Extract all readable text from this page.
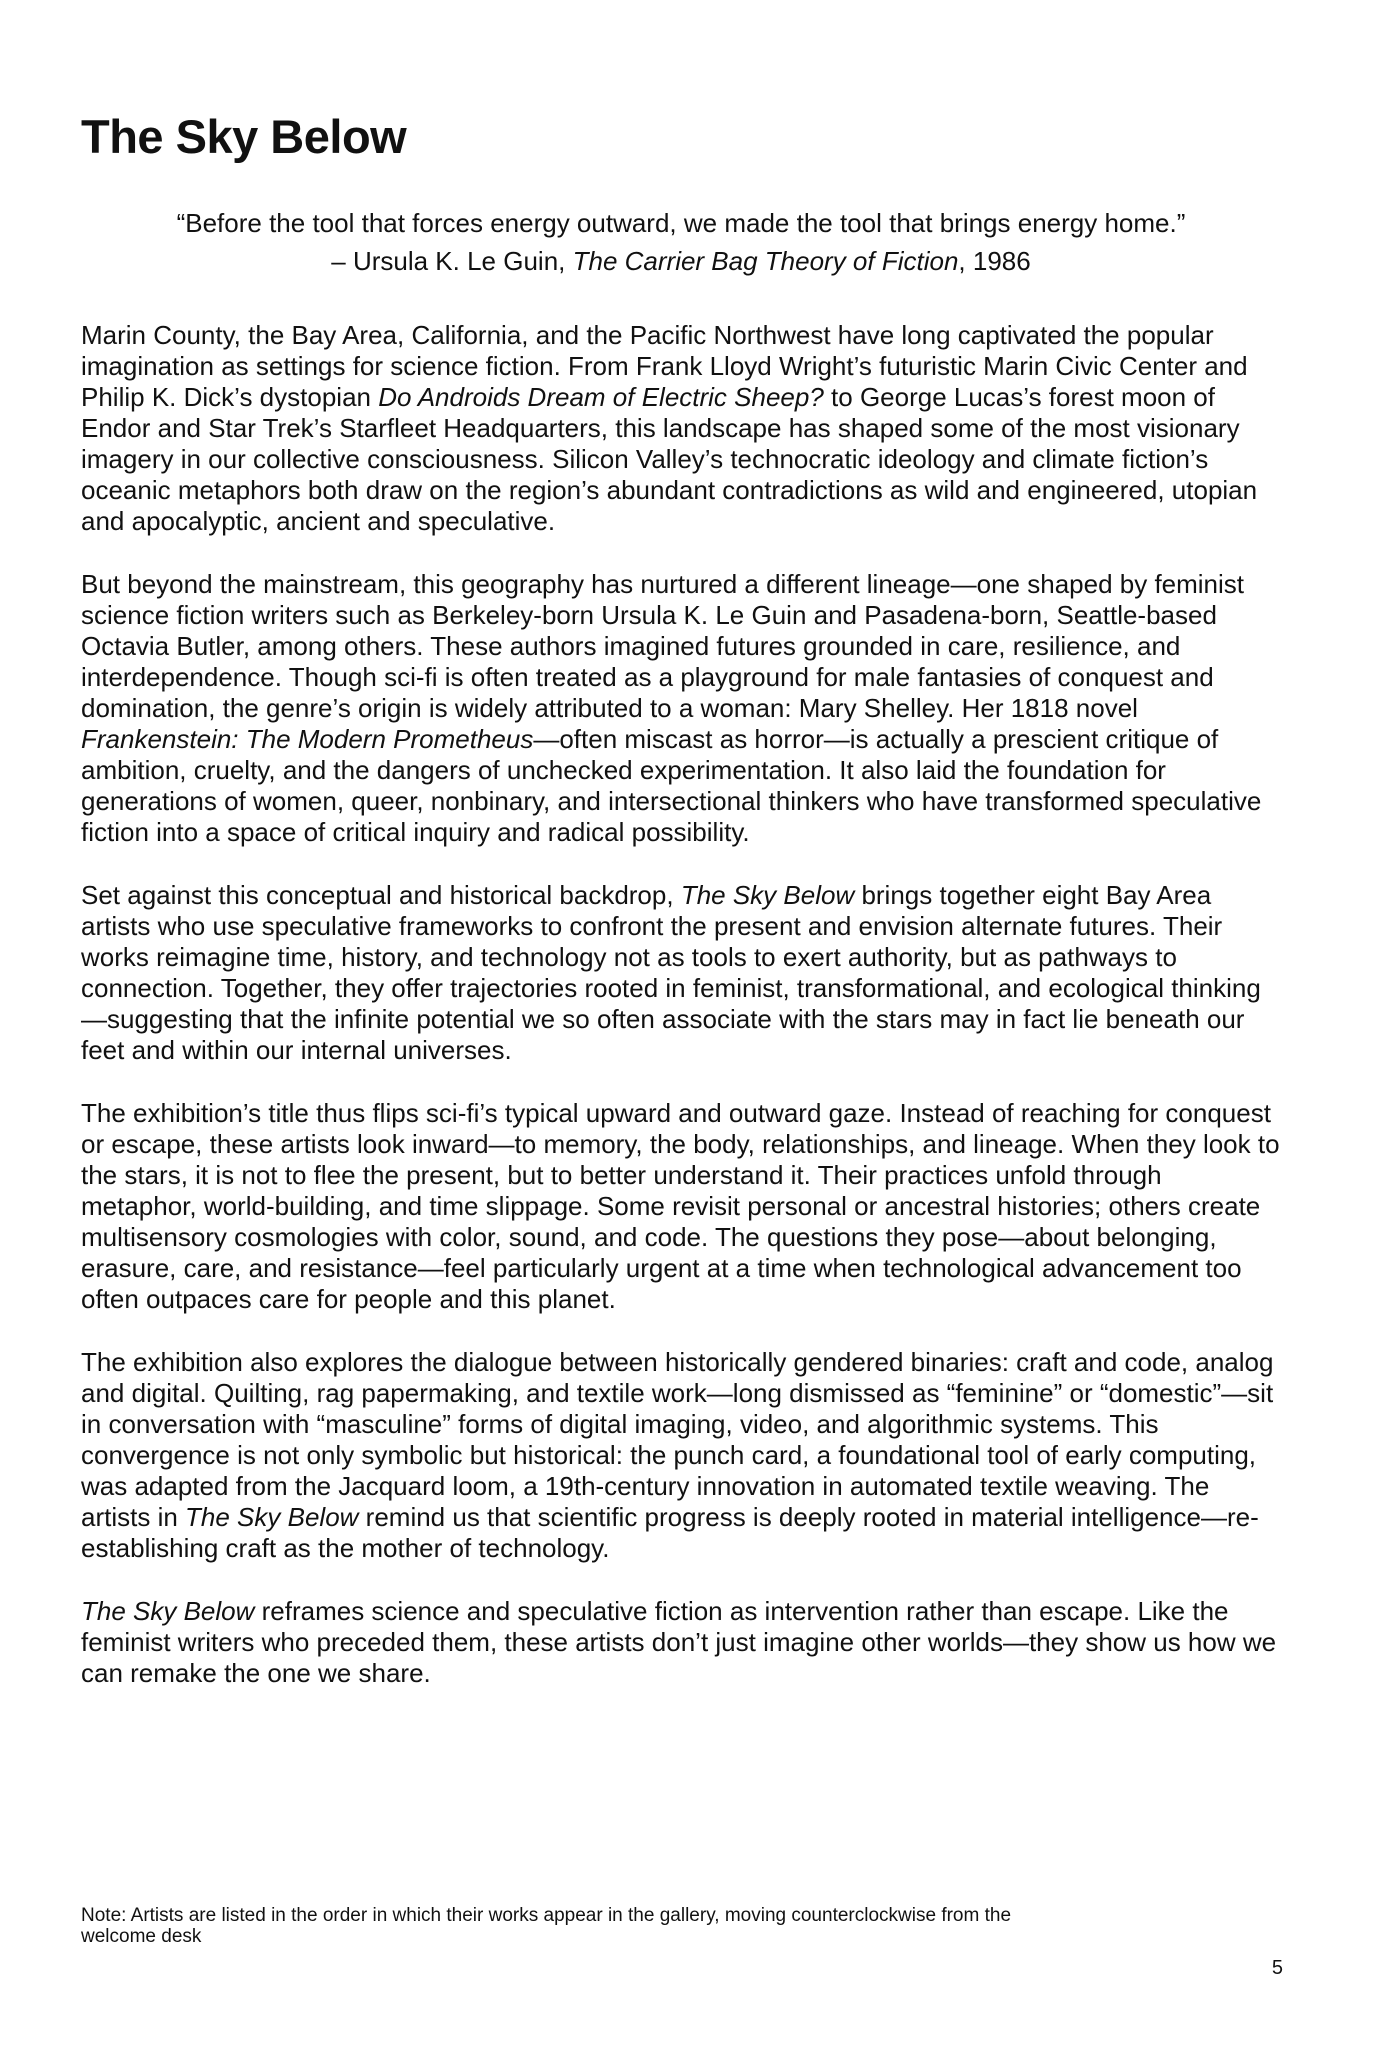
The Sky Below

“Before the tool that forces energy outward, we made the tool that brings energy home.”

– Ursula K. Le Guin, The Carrier Bag Theory of Fiction, 1986

Marin County, the Bay Area, California, and the Pacific Northwest have long captivated the popular imagination as settings for science fiction. From Frank Lloyd Wright’s futuristic Marin Civic Center and Philip K. Dick’s dystopian Do Androids Dream of Electric Sheep? to George Lucas’s forest moon of Endor and Star Trek’s Starfleet Headquarters, this landscape has shaped some of the most visionary imagery in our collective consciousness. Silicon Valley’s technocratic ideology and climate fiction’s oceanic metaphors both draw on the region’s abundant contradictions as wild and engineered, utopian and apocalyptic, ancient and speculative.

But beyond the mainstream, this geography has nurtured a different lineage—one shaped by feminist science fiction writers such as Berkeley-born Ursula K. Le Guin and Pasadena-born, Seattle-based Octavia Butler, among others. These authors imagined futures grounded in care, resilience, and interdependence. Though sci-fi is often treated as a playground for male fantasies of conquest and domination, the genre’s origin is widely attributed to a woman: Mary Shelley. Her 1818 novel Frankenstein: The Modern Prometheus—often miscast as horror—is actually a prescient critique of ambition, cruelty, and the dangers of unchecked experimentation. It also laid the foundation for generations of women, queer, nonbinary, and intersectional thinkers who have transformed speculative fiction into a space of critical inquiry and radical possibility.

Set against this conceptual and historical backdrop, The Sky Below brings together eight Bay Area artists who use speculative frameworks to confront the present and envision alternate futures. Their works reimagine time, history, and technology not as tools to exert authority, but as pathways to connection. Together, they offer trajectories rooted in feminist, transformational, and ecological thinking—suggesting that the infinite potential we so often associate with the stars may in fact lie beneath our feet and within our internal universes.

The exhibition’s title thus flips sci-fi’s typical upward and outward gaze. Instead of reaching for conquest or escape, these artists look inward—to memory, the body, relationships, and lineage. When they look to the stars, it is not to flee the present, but to better understand it. Their practices unfold through metaphor, world-building, and time slippage. Some revisit personal or ancestral histories; others create multisensory cosmologies with color, sound, and code. The questions they pose—about belonging, erasure, care, and resistance—feel particularly urgent at a time when technological advancement too often outpaces care for people and this planet.

The exhibition also explores the dialogue between historically gendered binaries: craft and code, analog and digital. Quilting, rag papermaking, and textile work—long dismissed as “feminine” or “domestic”—sit in conversation with “masculine” forms of digital imaging, video, and algorithmic systems. This convergence is not only symbolic but historical: the punch card, a foundational tool of early computing, was adapted from the Jacquard loom, a 19th-century innovation in automated textile weaving. The artists in The Sky Below remind us that scientific progress is deeply rooted in material intelligence—re-establishing craft as the mother of technology.

The Sky Below reframes science and speculative fiction as intervention rather than escape. Like the feminist writers who preceded them, these artists don’t just imagine other worlds—they show us how we can remake the one we share.

Note: Artists are listed in the order in which their works appear in the gallery, moving counterclockwise from the welcome desk
5
